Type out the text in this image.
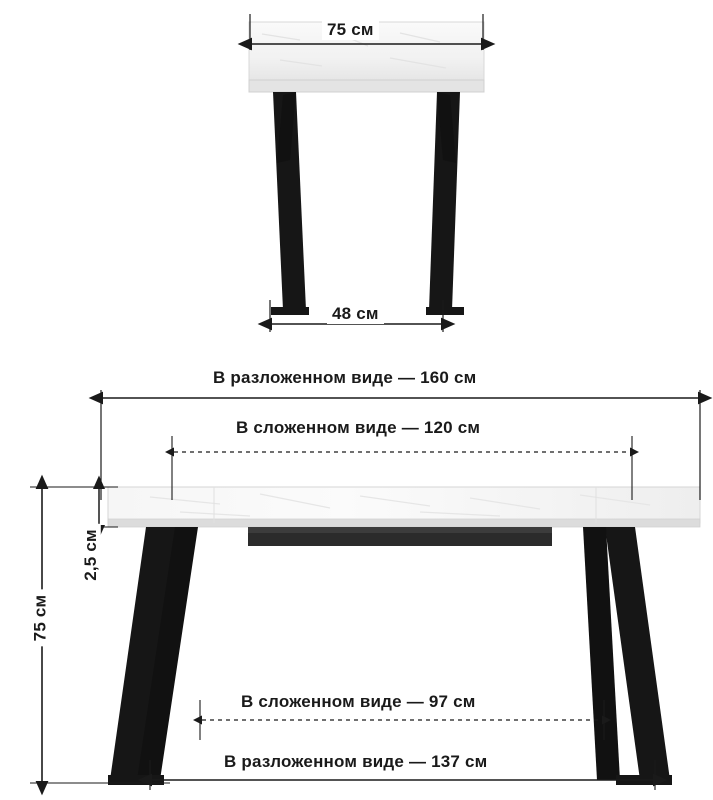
75 см
48 см
В разложенном виде — 160 см
В сложенном виде — 120 см
2,5 см
75 см
В сложенном виде — 97 см
В разложенном виде — 137 см
